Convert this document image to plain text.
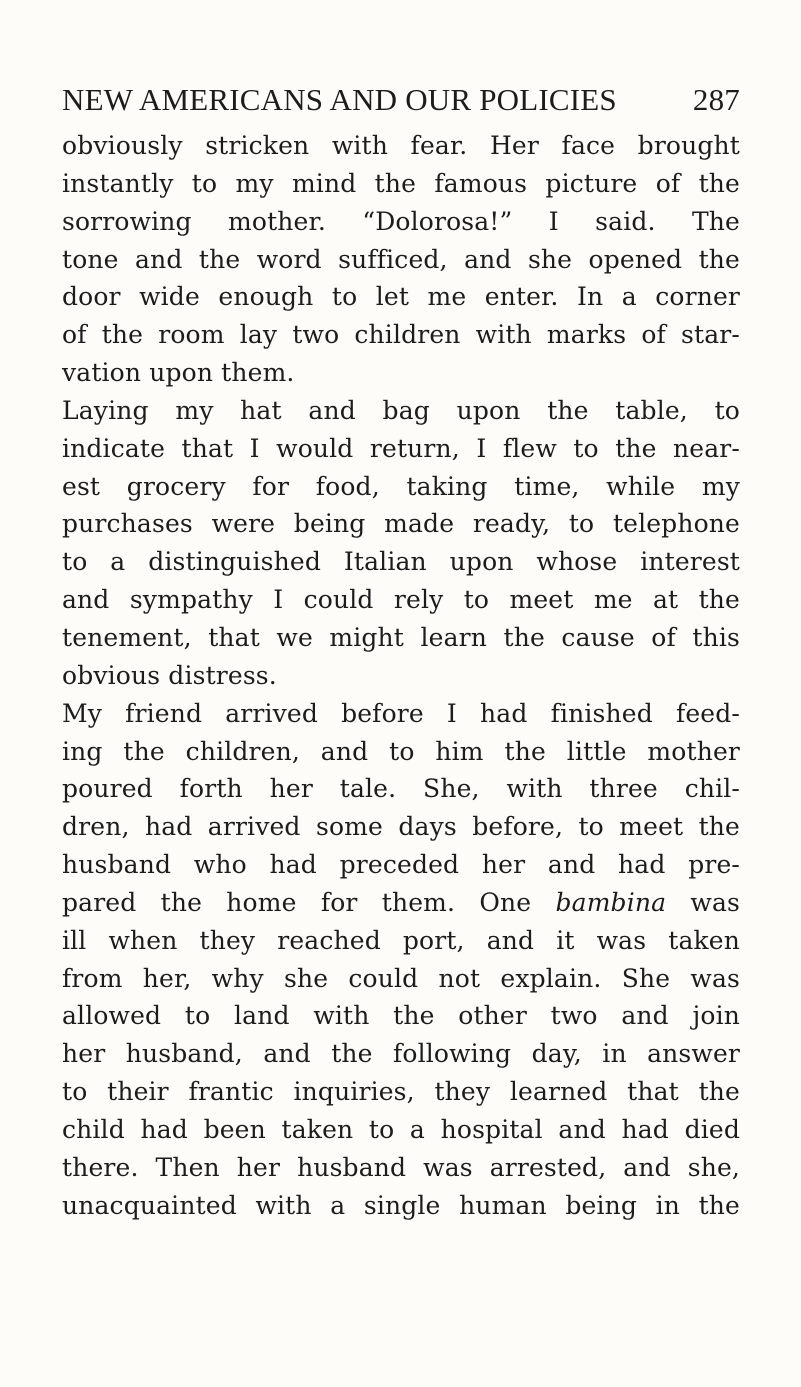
NEW AMERICANS AND OUR POLICIES 287
obviously stricken with fear. Her face brought
instantly to my mind the famous picture of the
sorrowing mother. “Dolorosa!” I said. The
tone and the word sufficed, and she opened the
door wide enough to let me enter. In a corner
of the room lay two children with marks of star-
vation upon them.
Laying my hat and bag upon the table, to
indicate that I would return, I flew to the near-
est grocery for food, taking time, while my
purchases were being made ready, to telephone
to a distinguished Italian upon whose interest
and sympathy I could rely to meet me at the
tenement, that we might learn the cause of this
obvious distress.
My friend arrived before I had finished feed-
ing the children, and to him the little mother
poured forth her tale. She, with three chil-
dren, had arrived some days before, to meet the
husband who had preceded her and had pre-
pared the home for them. One bambina was
ill when they reached port, and it was taken
from her, why she could not explain. She was
allowed to land with the other two and join
her husband, and the following day, in answer
to their frantic inquiries, they learned that the
child had been taken to a hospital and had died
there. Then her husband was arrested, and she,
unacquainted with a single human being in the
